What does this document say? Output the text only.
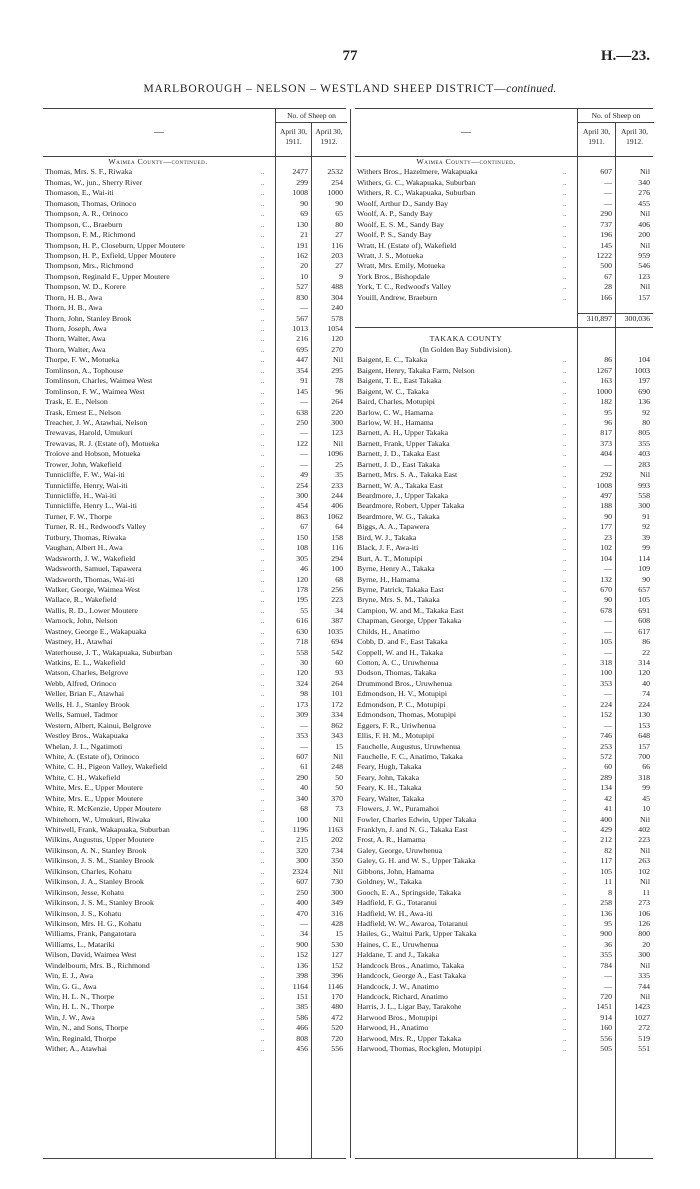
77	H.—23.
MARLBOROUGH – NELSON – WESTLAND SHEEP DISTRICT—continued.
—
No. of Sheep on
April 30,
1911.
April 30,
1912.
Waimea County—continued.
Thomas, Mrs. S. F., Riwaka	..	2477	2532
Thomas, W., jun., Sherry River	..	299	254
Thomason, E., Wai-iti	..	1008	1000
Thomason, Thomas, Orinoco	..	90	90
Thompson, A. R., Orinoco	..	69	65
Thompson, C., Braeburn	..	130	80
Thompson, F. M., Richmond	..	21	27
Thompson, H. P., Closeburn, Upper Moutere	..	191	116
Thompson, H. P., Exfield, Upper Moutere	..	162	203
Thompson, Mrs., Richmond	..	20	27
Thompson, Reginald F., Upper Moutere	..	10	9
Thompson, W. D., Korere	..	527	488
Thorn, H. B., Awa	..	830	304
Thorn, H. B., Awa	..	—	240
Thorn, John, Stanley Brook	..	567	578
Thorn, Joseph, Awa	..	1013	1054
Thorn, Walter, Awa	..	216	120
Thorn, Walter, Awa	..	695	270
Thorpe, F. W., Motueka	..	447	Nil
Tomlinson, A., Tophouse	..	354	295
Tomlinson, Charles, Waimea West	..	91	78
Tomlinson, F. W., Waimea West	..	145	96
Trask, E. E., Nelson	..	—	264
Trask, Ernest E., Nelson	..	638	220
Treacher, J. W., Atawhai, Nelson	..	250	300
Trewavas, Harold, Umukuri	..	—	123
Trewavas, R. J. (Estate of), Motueka	..	122	Nil
Trolove and Hobson, Motueka	..	—	1096
Trower, John, Wakefield	..	—	25
Tunnicliffe, F. W., Wai-iti	..	49	35
Tunnicliffe, Henry, Wai-iti	..	254	233
Tunnicliffe, H., Wai-iti	..	300	244
Tunnicliffe, Henry L., Wai-iti	..	454	406
Turner, F. W., Thorpe	..	863	1062
Turner, R. H., Redwood's Valley	..	67	64
Tutbury, Thomas, Riwaka	..	150	158
Vaughan, Albert H., Awa	..	108	116
Wadsworth, J. W., Wakefield	..	305	294
Wadsworth, Samuel, Tapawera	..	46	100
Wadsworth, Thomas, Wai-iti	..	120	68
Walker, George, Waimea West	..	178	256
Wallace, R., Wakefield	..	195	223
Wallis, R. D., Lower Moutere	..	55	34
Warnock, John, Nelson	..	616	387
Wastney, George E., Wakapuaka	..	630	1035
Wastney, H., Atawhai	..	718	694
Waterhouse, J. T., Wakapuaka, Suburban	..	558	542
Watkins, E. L., Wakefield	..	30	60
Watson, Charles, Belgrove	..	120	93
Webb, Alfred, Orinoco	..	324	264
Weller, Brian F., Atawhai	..	98	101
Wells, H. J., Stanley Brook	..	173	172
Wells, Samuel, Tadmor	..	309	334
Western, Albert, Kainui, Belgrove	..	—	862
Westley Bros., Wakapuaka	..	353	343
Whelan, J. L., Ngatimoti	..	—	15
White, A. (Estate of), Orinoco	..	607	Nil
White, C. H., Pigeon Valley, Wakefield	..	61	248
White, C. H., Wakefield	..	290	50
White, Mrs. E., Upper Moutere	..	40	50
White, Mrs. E., Upper Moutere	..	340	370
White, R. McKenzie, Upper Moutere	..	68	73
Whitehorn, W., Umukuri, Riwaka	..	100	Nil
Whitwell, Frank, Wakapuaka, Suburban	..	1196	1163
Wilkins, Augustus, Upper Moutere	..	215	202
Wilkinson, A. N., Stanley Brook	..	320	734
Wilkinson, J. S. M., Stanley Brook	..	300	350
Wilkinson, Charles, Kohatu	..	2324	Nil
Wilkinson, J. A., Stanley Brook	..	607	730
Wilkinson, Jesse, Kohatu	..	250	300
Wilkinson, J. S. M., Stanley Brook	..	400	349
Wilkinson, J. S., Kohatu	..	470	316
Wilkinson, Mrs. H. G., Kohatu	..	—	428
Williams, Frank, Pangatotara	..	34	15
Williams, L., Matariki	..	900	530
Wilson, David, Waimea West	..	152	127
Windelbourn, Mrs. B., Richmond	..	136	152
Win, E. J., Awa	..	398	396
Win, G. G., Awa	..	1164	1146
Win, H. L. N., Thorpe	..	151	170
Win, H. L. N., Thorpe	..	385	480
Win, J. W., Awa	..	586	472
Win, N., and Sons, Thorpe	..	466	520
Win, Reginald, Thorpe	..	808	720
Wither, A., Atawhai	..	456	556
—
No. of Sheep on
April 30,
1911.
April 30,
1912.
Waimea County—continued.
Withers Bros., Hazelmere, Wakapuaka	..	607	Nil
Withers, G. C., Wakapuaka, Suburban	..	—	340
Withers, R. C., Wakapuaka, Suburban	..	—	276
Woolf, Arthur D., Sandy Bay	..	—	455
Woolf, A. P., Sandy Bay	..	290	Nil
Woolf, E. S. M., Sandy Bay	..	737	406
Woolf, P. S., Sandy Bay	..	196	200
Wratt, H. (Estate of), Wakefield	..	145	Nil
Wratt, J. S., Motueka	..	1222	959
Wratt, Mrs. Emily, Motueka	..	500	546
York Bros., Bishopdale	..	67	123
York, T. C., Redwood's Valley	..	28	Nil
Youill, Andrew, Braeburn	..	166	157
310,897	300,036
TAKAKA COUNTY
(In Golden Bay Subdivision).
Baigent, E. C., Takaka	..	86	104
Baigent, Henry, Takaka Farm, Nelson	..	1267	1003
Baigent, T. E., East Takaka	..	163	197
Baigent, W. C., Takaka	..	1000	690
Baird, Charles, Motupipi	..	182	136
Barlow, C. W., Hamama	..	95	92
Barlow, W. H., Hamama	..	96	80
Barnett, A. H., Upper Takaka	..	817	805
Barnett, Frank, Upper Takaka	..	373	355
Barnett, J. D., Takaka East	..	404	403
Barnett, J. D., East Takaka	..	—	283
Barnett, Mrs. S. A., Takaka East	..	292	Nil
Barnett, W. A., Takaka East	..	1008	993
Beardmore, J., Upper Takaka	..	497	558
Beardmore, Robert, Upper Takaka	..	188	300
Beardmore, W. G., Takaka	..	90	91
Biggs, A. A., Tapawera	..	177	92
Bird, W. J., Takaka	..	23	39
Black, J. F., Awa-iti	..	102	99
Burt, A. T., Motupipi	..	104	114
Byrne, Henry A., Takaka	..	—	109
Byrne, H., Hamama	..	132	90
Byrne, Patrick, Takaka East	..	670	657
Bryne, Mrs. S. M., Takaka	..	90	105
Campion, W. and M., Takaka East	..	678	691
Chapman, George, Upper Takaka	..	—	608
Childs, H., Anatimo	..	—	617
Cobb, D. and F., East Takaka	..	105	86
Coppell, W. and H., Takaka	..	—	22
Cotton, A. C., Uruwhenua	..	318	314
Dodson, Thomas, Takaka	..	100	120
Drummond Bros., Uruwhenua	..	353	40
Edmondson, H. V., Motupipi	..	—	74
Edmondson, P. C., Motupipi	..	224	224
Edmondson, Thomas, Motupipi	..	152	130
Eggers, F. R., Uriwhenua	..	—	153
Ellis, F. H. M., Motupipi	..	746	648
Fauchelle, Augustus, Uruwhenua	..	253	157
Fauchelle, F. C., Anatimo, Takaka	..	572	700
Feary, Hugh, Takaka	..	60	66
Feary, John, Takaka	..	289	318
Feary, K. H., Takaka	..	134	99
Feary, Walter, Takaka	..	42	45
Flowers, J. W., Puramahoi	..	41	10
Fowler, Charles Edwin, Upper Takaka	..	400	Nil
Franklyn, J. and N. G., Takaka East	..	429	402
Frost, A. R., Hamama	..	212	223
Galey, George, Uruwhenua	..	82	Nil
Galey, G. H. and W. S., Upper Takaka	..	117	263
Gibbons, John, Hamama	..	105	102
Goldney, W., Takaka	..	11	Nil
Gooch, E. A., Springside, Takaka	..	8	11
Hadfield, F. G., Totaranui	..	258	273
Hadfield, W. H., Awa-iti	..	136	106
Hadfield, W. W., Awaroa, Totaranui	..	95	126
Hailes, G., Waitui Park, Upper Takaka	..	900	800
Haines, C. E., Uruwhenua	..	36	20
Haldane, T. and J., Takaka	..	355	300
Handcock Bros., Anatimo, Takaka	..	784	Nil
Handcock, George A., East Takaka	..	—	335
Handcock, J. W., Anatimo	..	—	744
Handcock, Richard, Anatimo	..	720	Nil
Harris, J. L., Ligar Bay, Tarakohe	..	1451	1423
Harwood Bros., Motupipi	..	914	1027
Harwood, H., Anatimo	..	160	272
Harwood, Mrs. R., Upper Takaka	..	556	519
Harwood, Thomas, Rockglen, Motupipi	..	505	551
